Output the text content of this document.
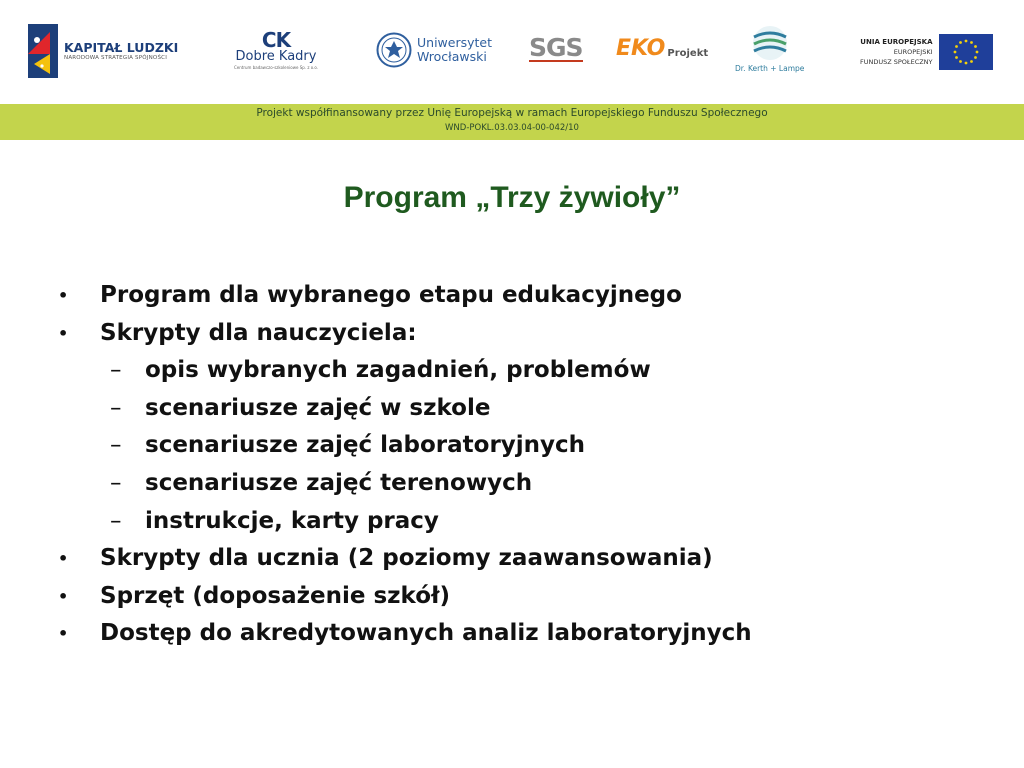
KAPITAŁ LUDZKI
NARODOWA STRATEGIA SPÓJNOŚCI
CK
Dobre Kadry
Centrum badawczo-szkoleniowe Sp. z o.o.
Uniwersytet
Wrocławski SGS EKO Projekt
Dr. Kerth + Lampe
UNIA EUROPEJSKA
EUROPEJSKI
FUNDUSZ SPOŁECZNY
Projekt współfinansowany przez Unię Europejską w ramach Europejskiego Funduszu Społecznego
WND-POKL.03.03.04-00-042/10
Program „Trzy żywioły”
• Program dla wybranego etapu edukacyjnego
• Skrypty dla nauczyciela:
– opis wybranych zagadnień, problemów
– scenariusze zajęć w szkole
– scenariusze zajęć laboratoryjnych
– scenariusze zajęć terenowych
– instrukcje, karty pracy
• Skrypty dla ucznia (2 poziomy zaawansowania)
• Sprzęt (doposażenie szkół)
• Dostęp do akredytowanych analiz laboratoryjnych
